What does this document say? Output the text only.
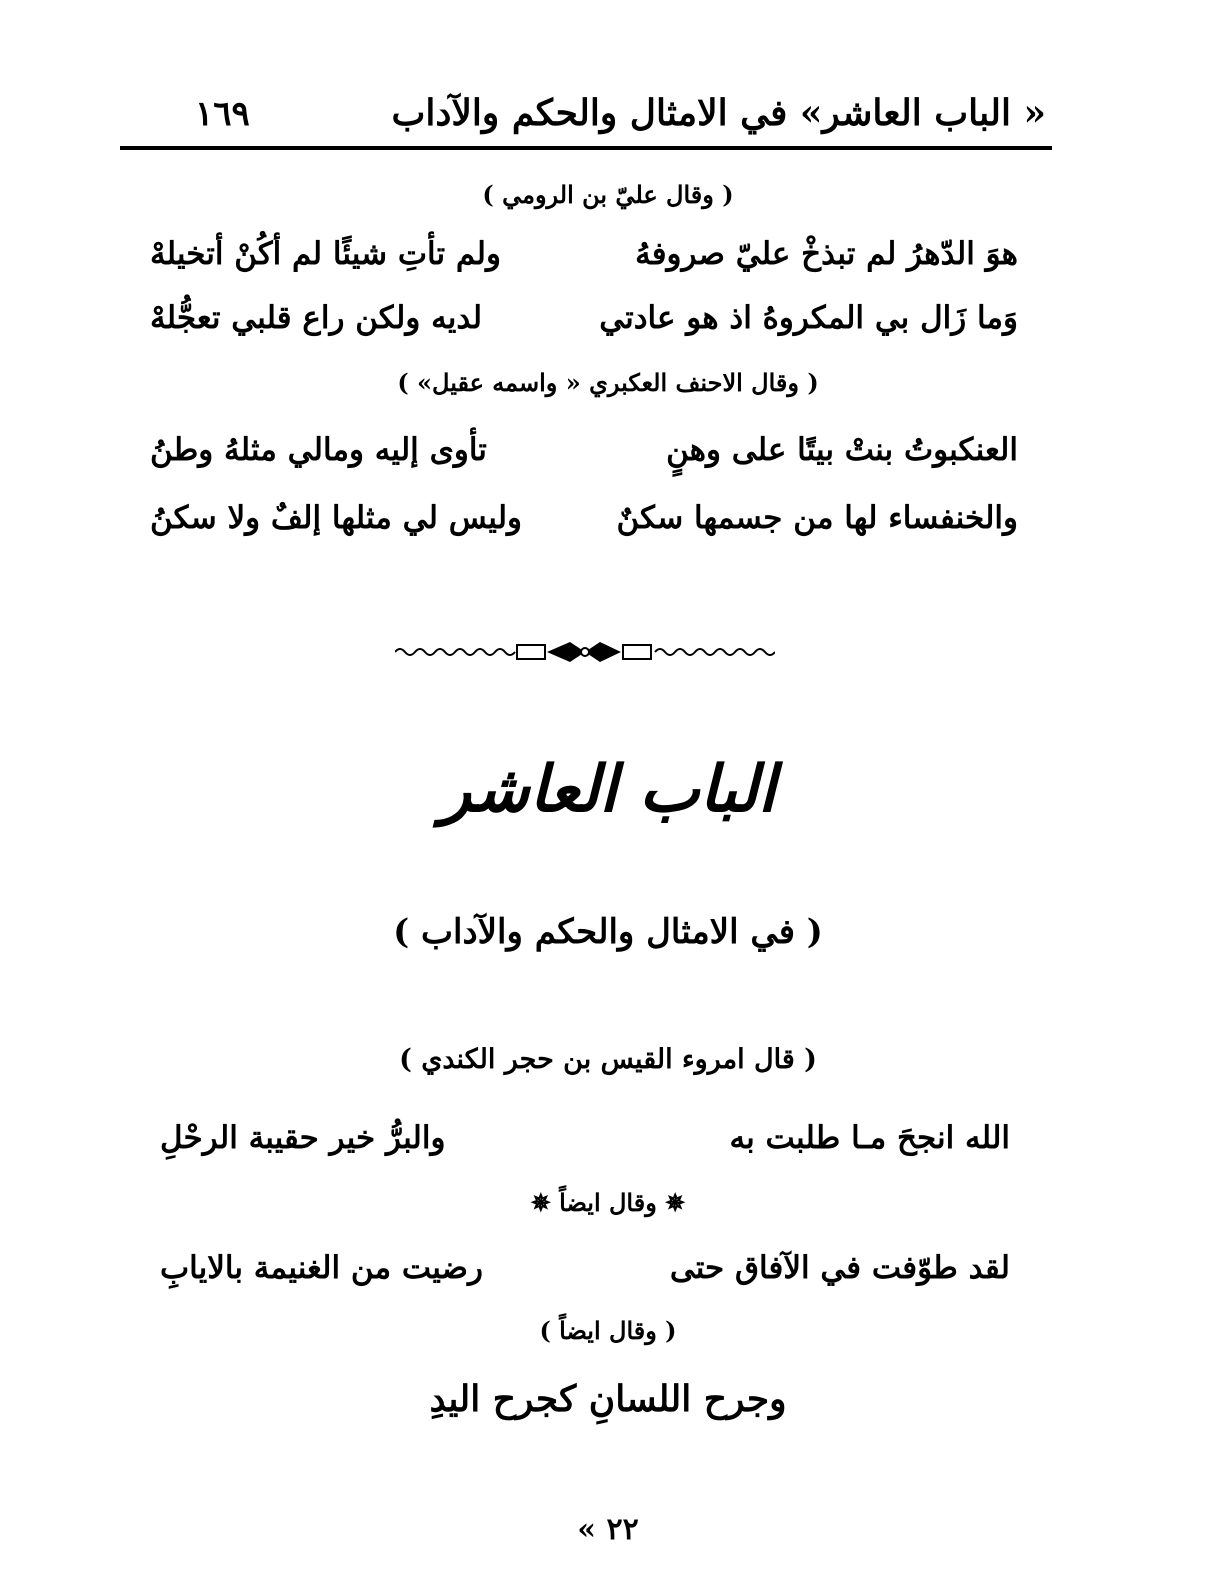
« الباب العاشر» في الامثال والحكم والآداب
١٦٩
( وقال عليّ بن الرومي )
هوَ الدّهرُ لم تبذخْ عليّ صروفهُ
ولم تأتِ شيئًا لم أكُنْ أتخيلهْ
وَما زَال بي المكروهُ اذ هو عادتي
لديه ولكن راع قلبي تعجُّلهْ
( وقال الاحنف العكبري « واسمه عقيل» )
العنكبوتُ بنتْ بيتًا على وهنٍ
تأوى إليه ومالي مثلهُ وطنُ
والخنفساء لها من جسمها سكنٌ
وليس لي مثلها إلفٌ ولا سكنُ
الباب العاشر
( في الامثال والحكم والآداب )
( قال امروء القيس بن حجر الكندي )
الله انجحَ مـا طلبت به
والبرُّ خير حقيبة الرحْلِ
✵ وقال ايضاً ✵
لقد طوّفت في الآفاق حتى
رضيت من الغنيمة بالايابِ
( وقال ايضاً )
وجرح اللسانِ كجرح اليدِ
« ٢٢
